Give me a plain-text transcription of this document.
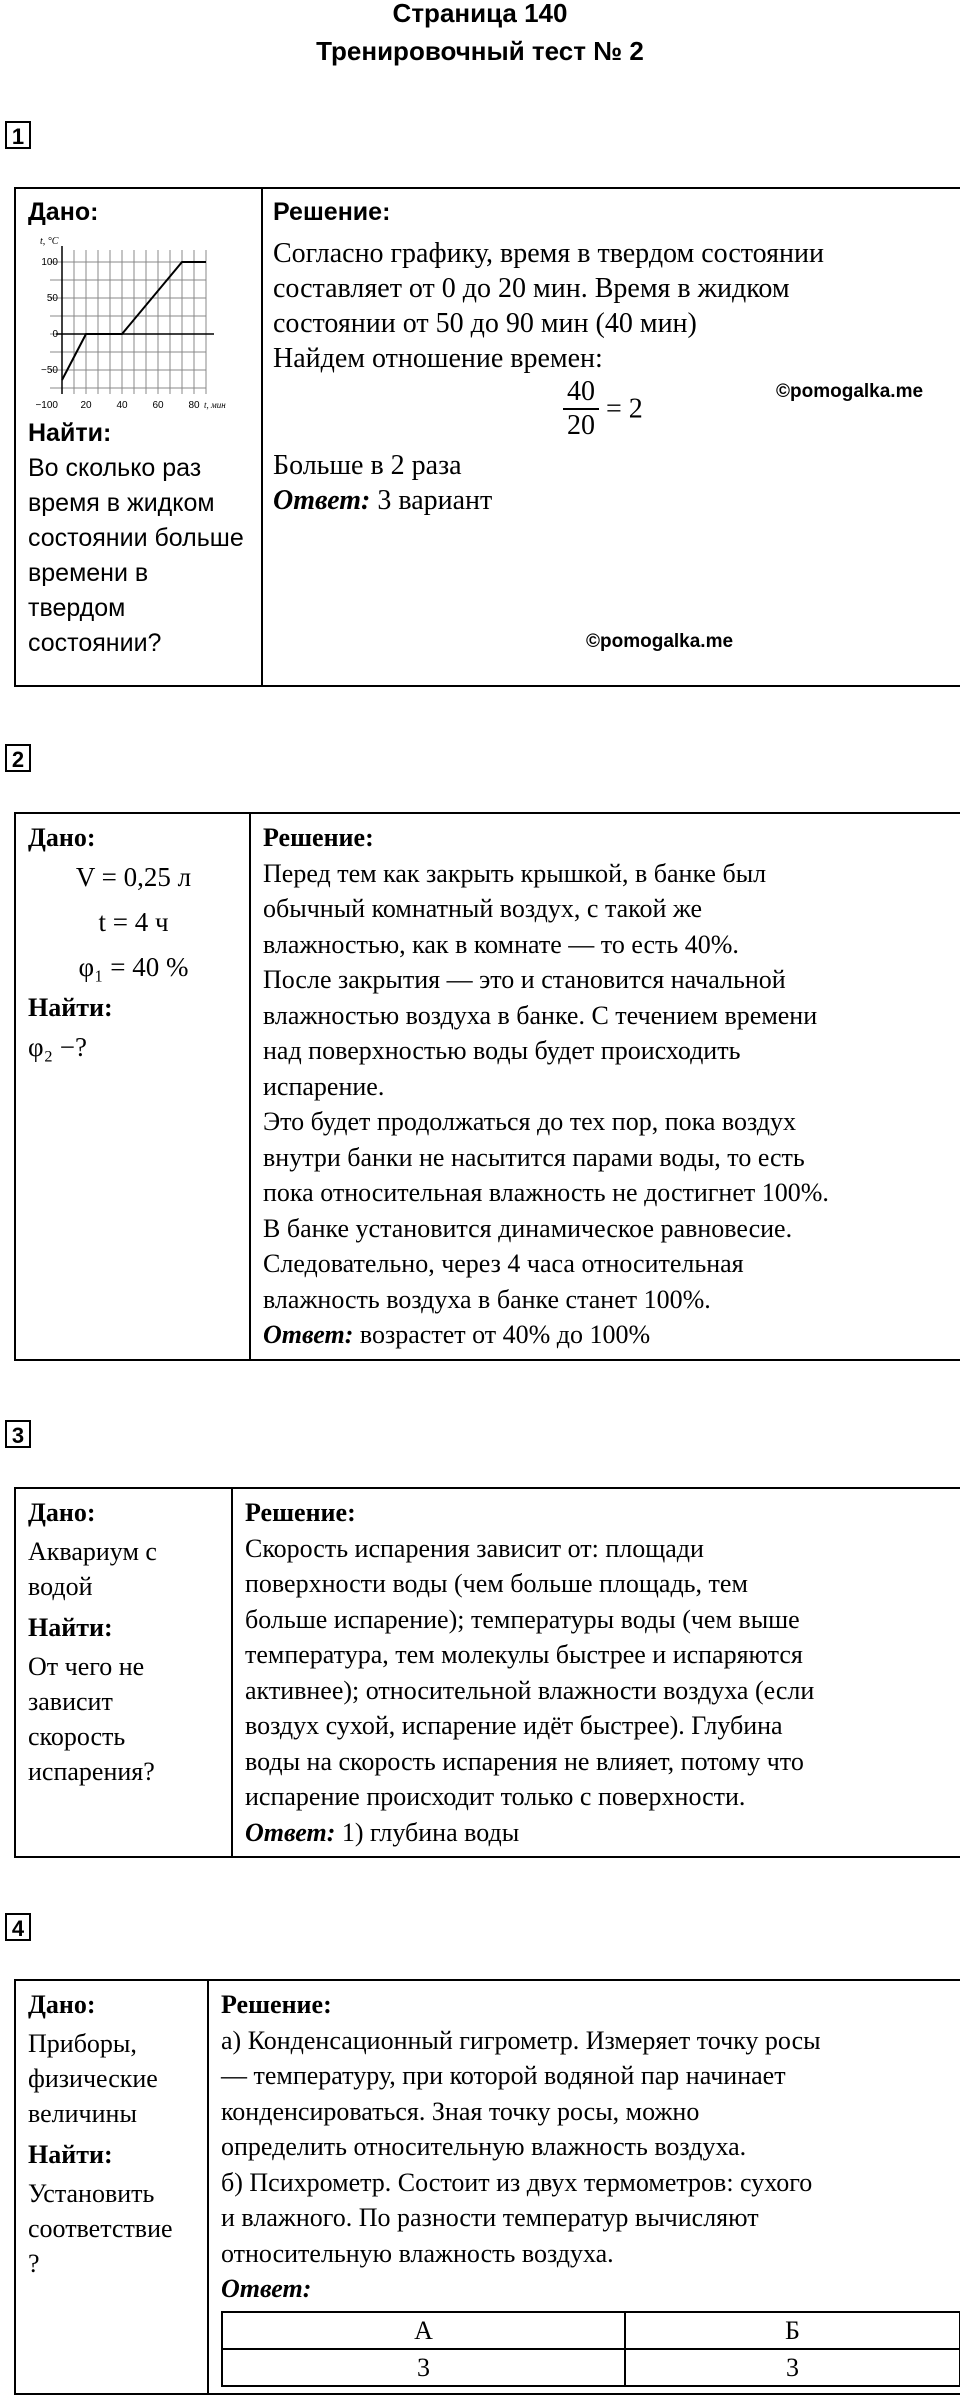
Страница 140
Тренировочный тест № 2
1
Дано:
t, °C
100
50
0
−50
−100 20 40 60 80 t, мин
Найти:
Во сколько раз время в жидком состоянии больше времени в твердом состоянии?

Решение:
Согласно графику, время в твердом состоянии
составляет от 0 до 20 мин. Время в жидком
состоянии от 50 до 90 мин (40 мин)
Найдем отношение времен:
$\frac{40}{20} = 2$
Больше в 2 раза
Ответ: 3 вариант
©pomogalka.me
©pomogalka.me
2
Дано:
V = 0,25 л
t = 4 ч
φ₁ = 40 %
Найти:
φ₂ −?

Решение:
Перед тем как закрыть крышкой, в банке был
обычный комнатный воздух, с такой же
влажностью, как в комнате — то есть 40%.
После закрытия — это и становится начальной
влажностью воздуха в банке. С течением времени
над поверхностью воды будет происходить
испарение.
Это будет продолжаться до тех пор, пока воздух
внутри банки не насытится парами воды, то есть
пока относительная влажность не достигнет 100%.
В банке установится динамическое равновесие.
Следовательно, через 4 часа относительная
влажность воздуха в банке станет 100%.
Ответ: возрастет от 40% до 100%
3
Дано:
Аквариум с
водой
Найти:
От чего не
зависит
скорость
испарения?

Решение:
Скорость испарения зависит от: площади
поверхности воды (чем больше площадь, тем
больше испарение); температуры воды (чем выше
температура, тем молекулы быстрее и испаряются
активнее); относительной влажности воздуха (если
воздух сухой, испарение идёт быстрее). Глубина
воды на скорость испарения не влияет, потому что
испарение происходит только с поверхности.
Ответ: 1) глубина воды
4
Дано:
Приборы,
физические
величины
Найти:
Установить
соответствие
?

Решение:
а) Конденсационный гигрометр. Измеряет точку росы
— температуру, при которой водяной пар начинает
конденсироваться. Зная точку росы, можно
определить относительную влажность воздуха.
б) Психрометр. Состоит из двух термометров: сухого
и влажного. По разности температур вычисляют
относительную влажность воздуха.
Ответ:
А	Б
3	3
